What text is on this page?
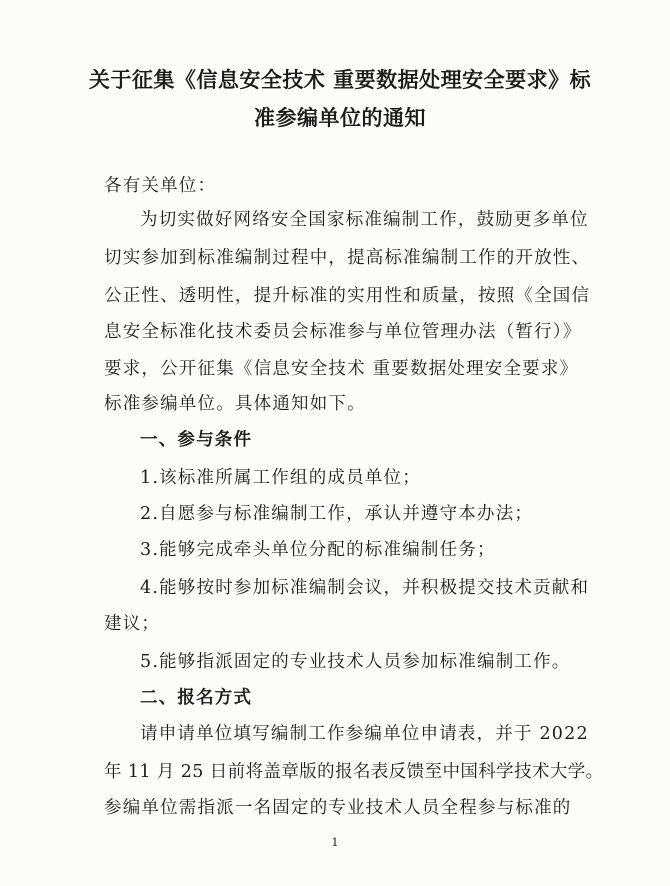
关于征集《信息安全技术 重要数据处理安全要求》标
准参编单位的通知
各有关单位：
为切实做好网络安全国家标准编制工作，鼓励更多单位
切实参加到标准编制过程中，提高标准编制工作的开放性、
公正性、透明性，提升标准的实用性和质量，按照《全国信
息安全标准化技术委员会标准参与单位管理办法（暂行）》
要求，公开征集《信息安全技术 重要数据处理安全要求》
标准参编单位。具体通知如下。
一、参与条件
1.该标准所属工作组的成员单位；
2.自愿参与标准编制工作，承认并遵守本办法；
3.能够完成牵头单位分配的标准编制任务；
4.能够按时参加标准编制会议，并积极提交技术贡献和
建议；
5.能够指派固定的专业技术人员参加标准编制工作。
二、报名方式
请申请单位填写编制工作参编单位申请表，并于 2022
年 11 月 25 日前将盖章版的报名表反馈至中国科学技术大学。
参编单位需指派一名固定的专业技术人员全程参与标准的
1
